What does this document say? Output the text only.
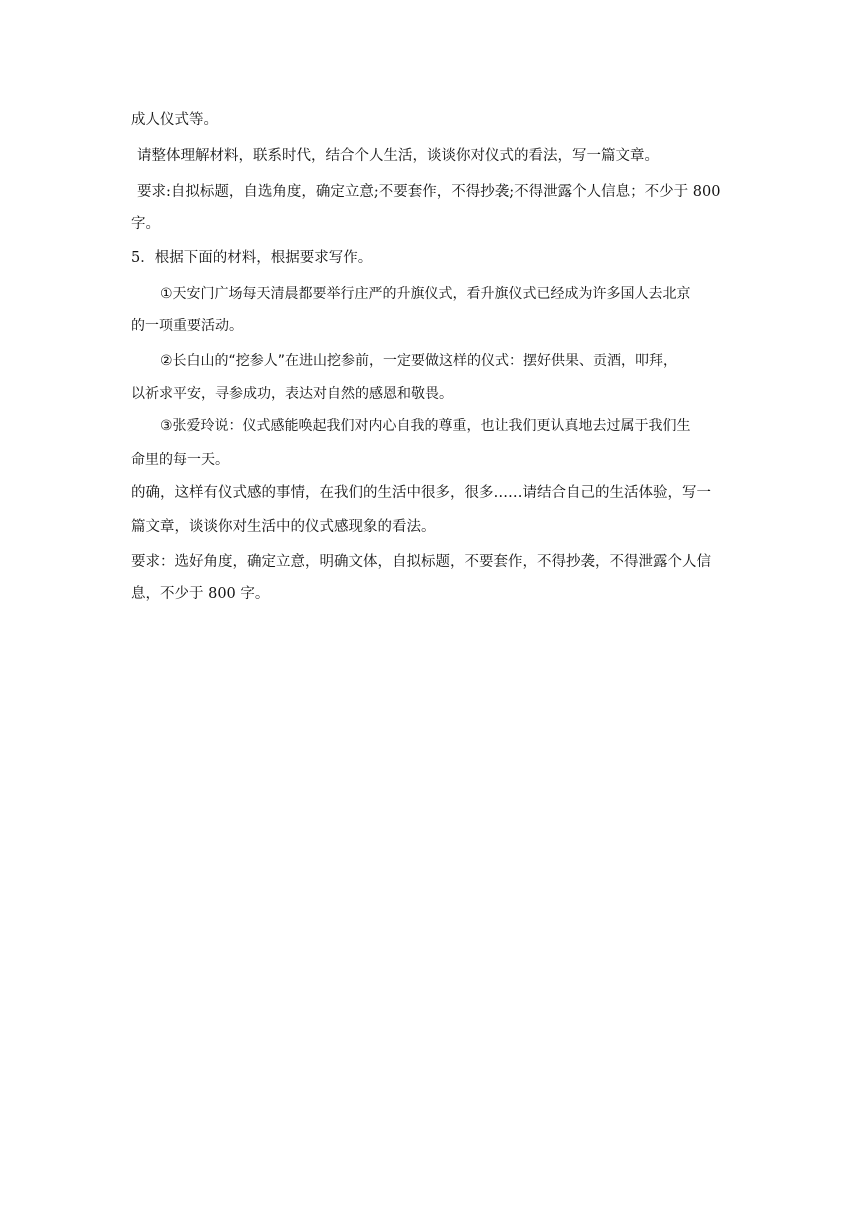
成人仪式等。
请整体理解材料，联系时代，结合个人生活，谈谈你对仪式的看法，写一篇文章。
要求:自拟标题，自选角度，确定立意;不要套作，不得抄袭;不得泄露个人信息；不少于 800
字。
5．根据下面的材料，根据要求写作。
①天安门广场每天清晨都要举行庄严的升旗仪式，看升旗仪式已经成为许多国人去北京
的一项重要活动。
②长白山的“挖参人”在进山挖参前，一定要做这样的仪式：摆好供果、贡酒，叩拜，
以祈求平安，寻参成功，表达对自然的感恩和敬畏。
③张爱玲说：仪式感能唤起我们对内心自我的尊重，也让我们更认真地去过属于我们生
命里的每一天。
的确，这样有仪式感的事情，在我们的生活中很多，很多……请结合自己的生活体验，写一
篇文章，谈谈你对生活中的仪式感现象的看法。
要求：选好角度，确定立意，明确文体，自拟标题，不要套作，不得抄袭，不得泄露个人信
息，不少于 800 字。
